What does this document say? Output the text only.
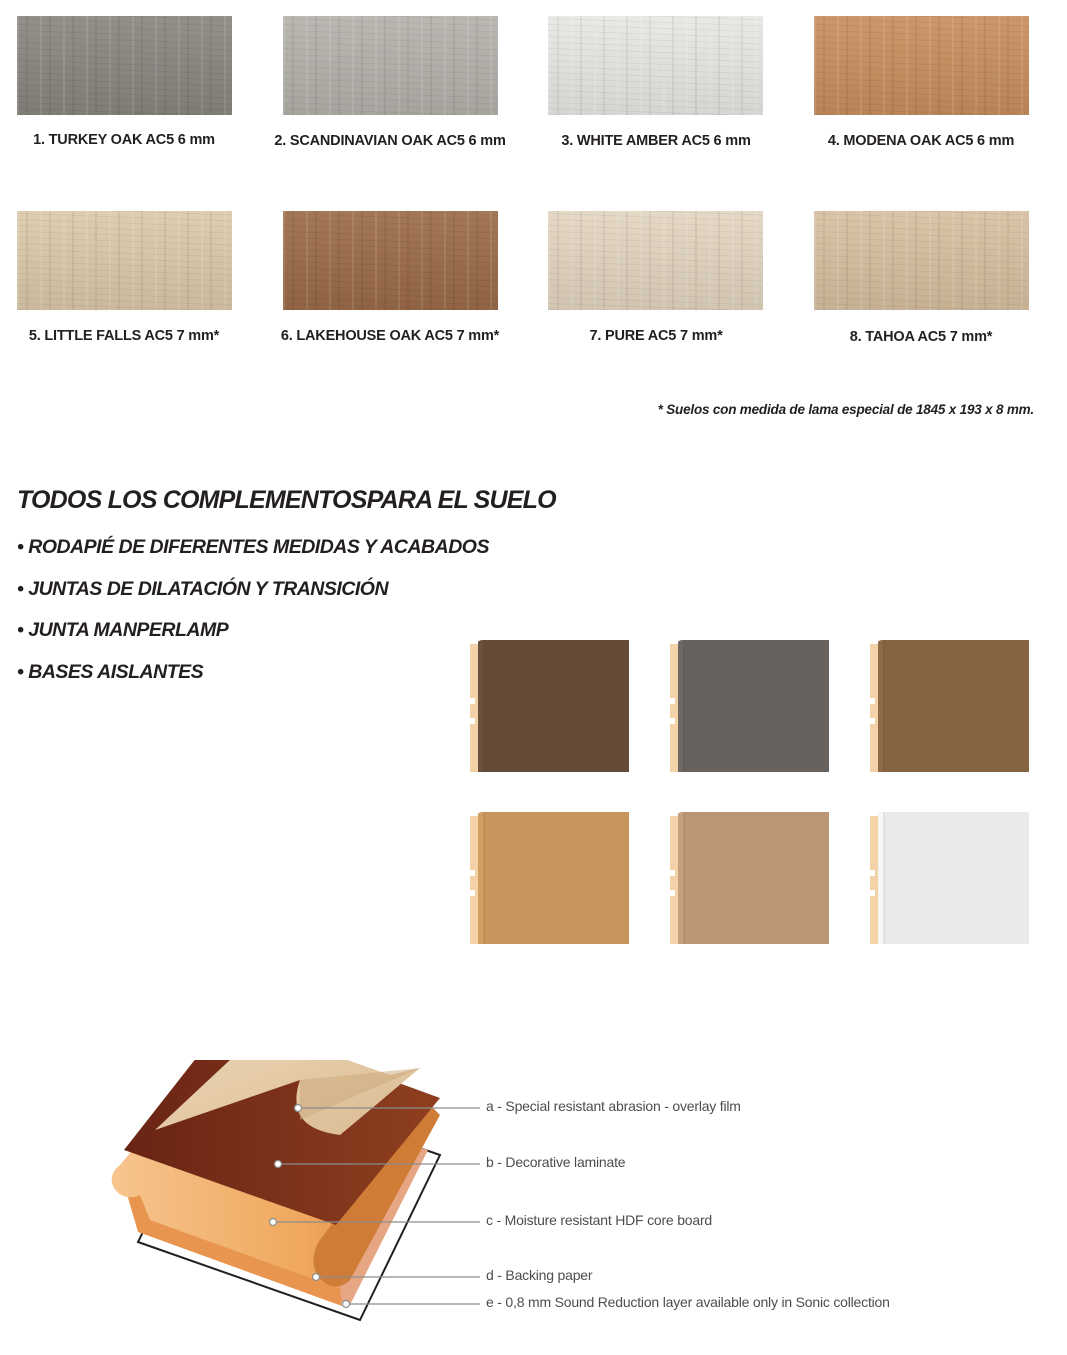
1. TURKEY OAK AC5 6 mm	2. SCANDINAVIAN OAK AC5 6 mm	3. WHITE AMBER AC5 6 mm	4. MODENA OAK AC5 6 mm
5. LITTLE FALLS AC5 7 mm*	6. LAKEHOUSE OAK AC5 7 mm*	7. PURE AC5 7 mm*	8. TAHOA AC5 7 mm*
* Suelos con medida de lama especial de 1845 x 193 x 8 mm.
TODOS LOS COMPLEMENTOSPARA EL SUELO
• RODAPIÉ DE DIFERENTES MEDIDAS Y ACABADOS
• JUNTAS DE DILATACIÓN Y TRANSICIÓN
• JUNTA MANPERLAMP
• BASES AISLANTES
a - Special resistant abrasion - overlay film
b - Decorative laminate
c - Moisture resistant HDF core board
d - Backing paper
e - 0,8 mm Sound Reduction layer available only in Sonic collection
